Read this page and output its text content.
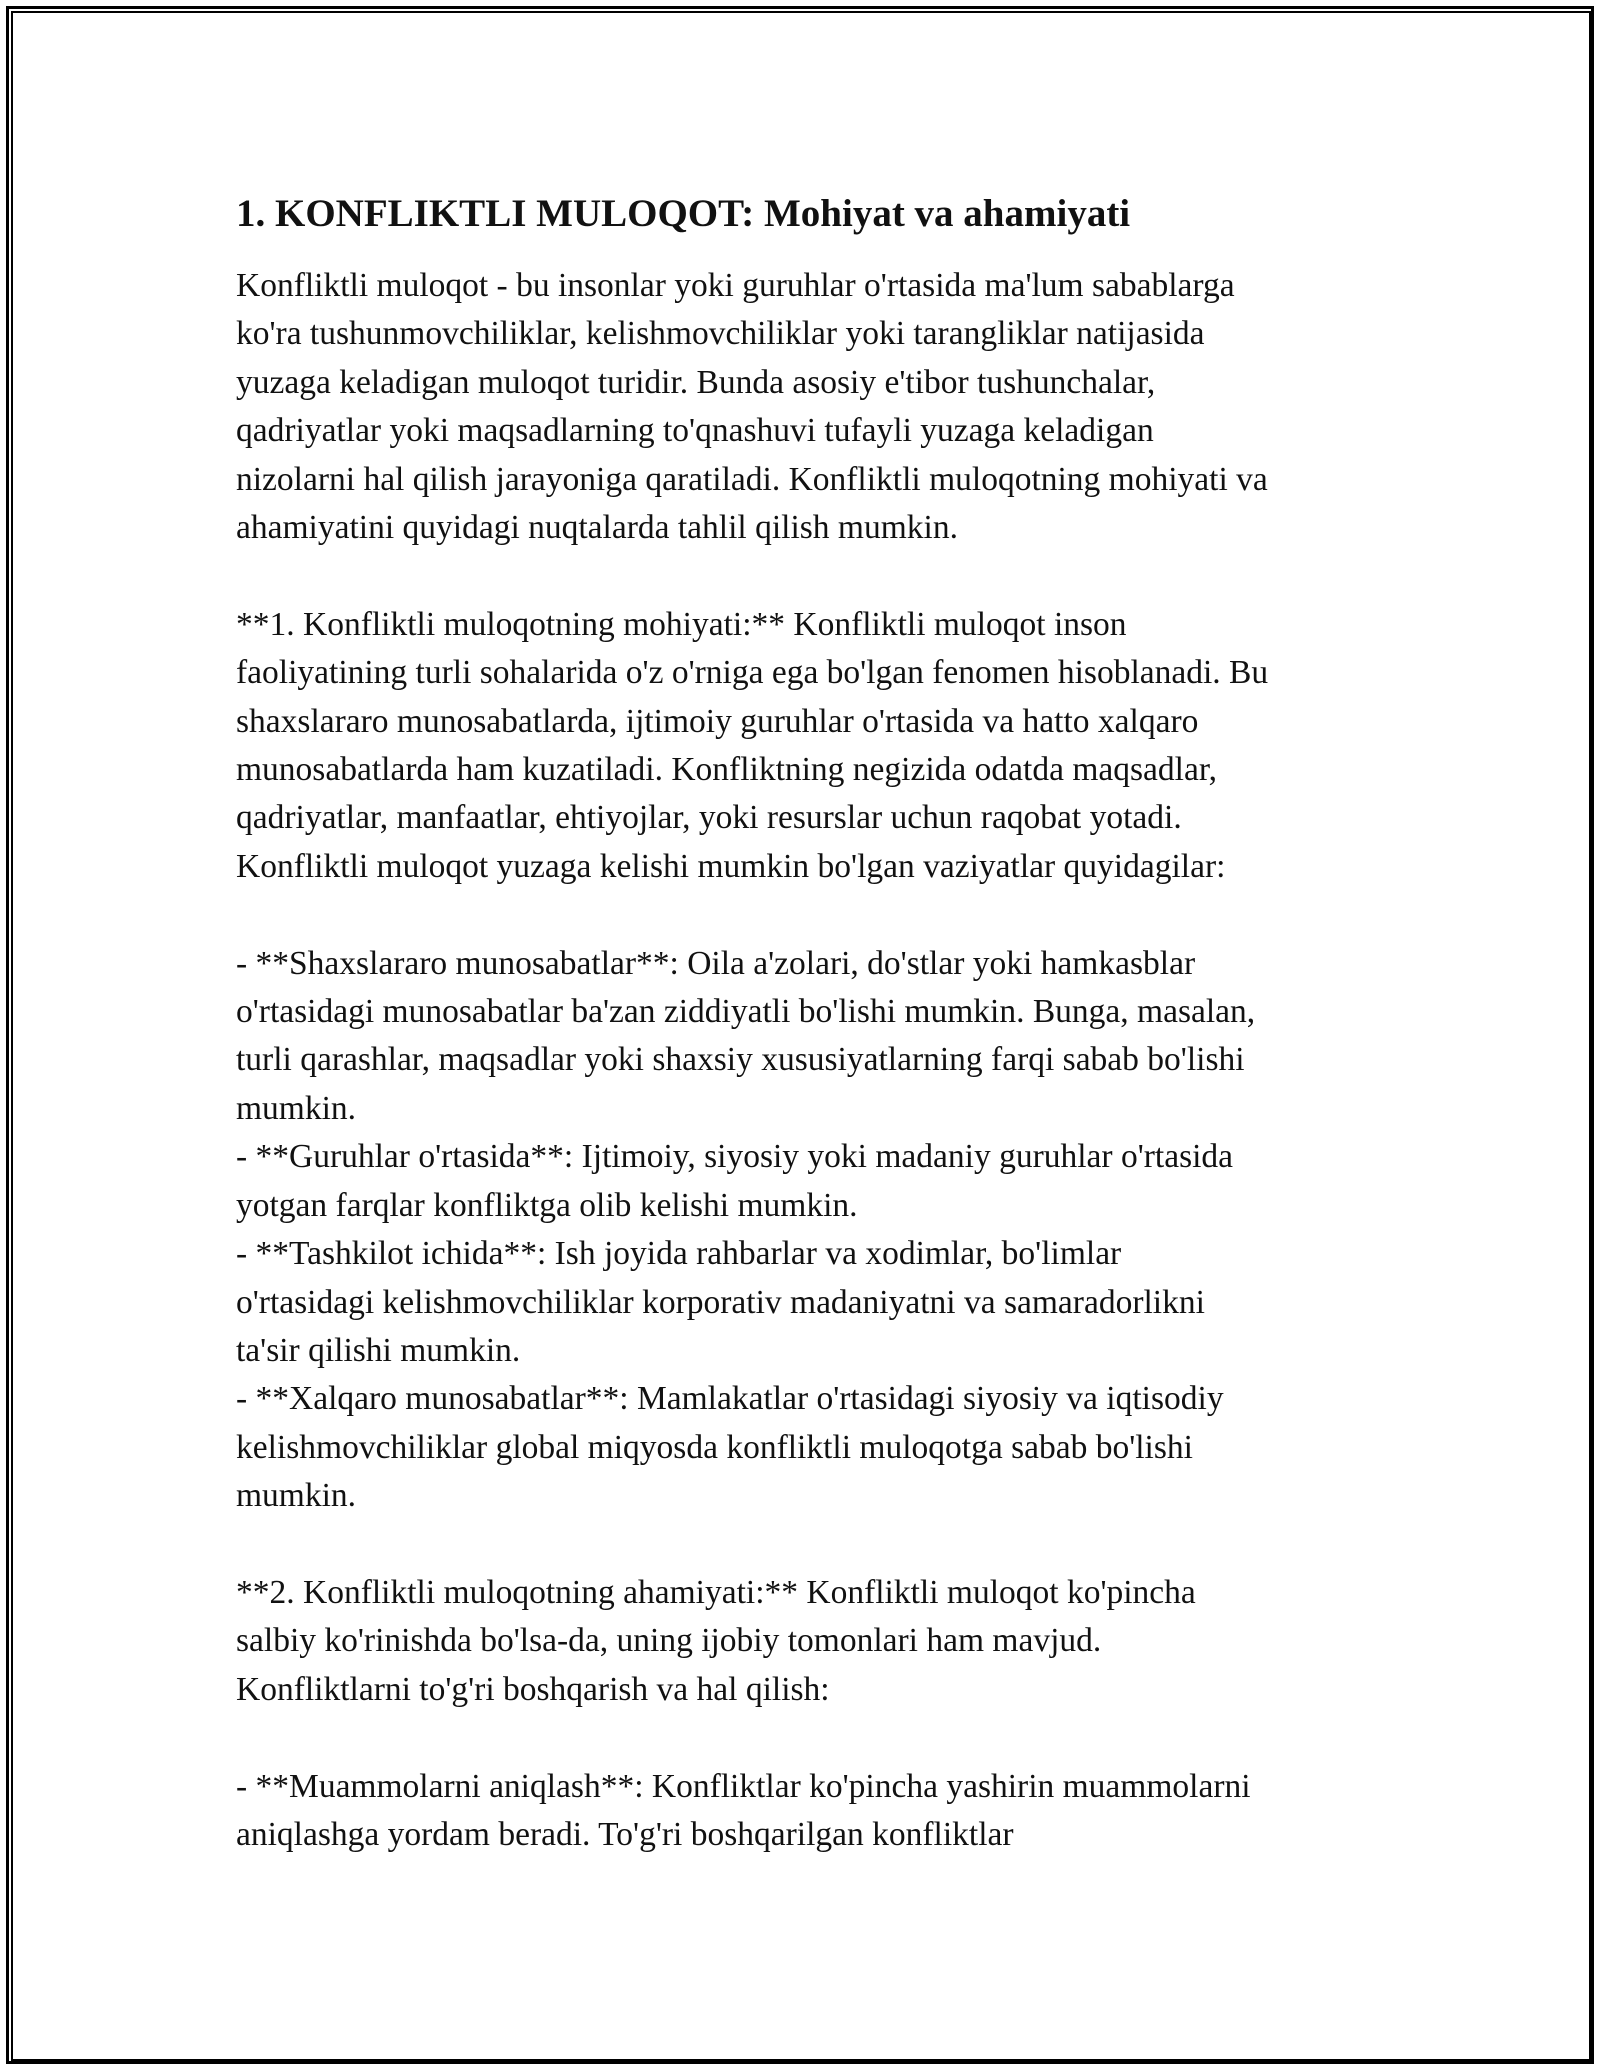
1. KONFLIKTLI MULOQOT: Mohiyat va ahamiyati

Konfliktli muloqot - bu insonlar yoki guruhlar o'rtasida ma'lum sabablarga
ko'ra tushunmovchiliklar, kelishmovchiliklar yoki tarangliklar natijasida
yuzaga keladigan muloqot turidir. Bunda asosiy e'tibor tushunchalar,
qadriyatlar yoki maqsadlarning to'qnashuvi tufayli yuzaga keladigan
nizolarni hal qilish jarayoniga qaratiladi. Konfliktli muloqotning mohiyati va
ahamiyatini quyidagi nuqtalarda tahlil qilish mumkin.

**1. Konfliktli muloqotning mohiyati:** Konfliktli muloqot inson
faoliyatining turli sohalarida o'z o'rniga ega bo'lgan fenomen hisoblanadi. Bu
shaxslararo munosabatlarda, ijtimoiy guruhlar o'rtasida va hatto xalqaro
munosabatlarda ham kuzatiladi. Konfliktning negizida odatda maqsadlar,
qadriyatlar, manfaatlar, ehtiyojlar, yoki resurslar uchun raqobat yotadi.
Konfliktli muloqot yuzaga kelishi mumkin bo'lgan vaziyatlar quyidagilar:

- **Shaxslararo munosabatlar**: Oila a'zolari, do'stlar yoki hamkasblar
o'rtasidagi munosabatlar ba'zan ziddiyatli bo'lishi mumkin. Bunga, masalan,
turli qarashlar, maqsadlar yoki shaxsiy xususiyatlarning farqi sabab bo'lishi
mumkin.
- **Guruhlar o'rtasida**: Ijtimoiy, siyosiy yoki madaniy guruhlar o'rtasida
yotgan farqlar konfliktga olib kelishi mumkin.
- **Tashkilot ichida**: Ish joyida rahbarlar va xodimlar, bo'limlar
o'rtasidagi kelishmovchiliklar korporativ madaniyatni va samaradorlikni
ta'sir qilishi mumkin.
- **Xalqaro munosabatlar**: Mamlakatlar o'rtasidagi siyosiy va iqtisodiy
kelishmovchiliklar global miqyosda konfliktli muloqotga sabab bo'lishi
mumkin.

**2. Konfliktli muloqotning ahamiyati:** Konfliktli muloqot ko'pincha
salbiy ko'rinishda bo'lsa-da, uning ijobiy tomonlari ham mavjud.
Konfliktlarni to'g'ri boshqarish va hal qilish:

- **Muammolarni aniqlash**: Konfliktlar ko'pincha yashirin muammolarni
aniqlashga yordam beradi. To'g'ri boshqarilgan konfliktlar
